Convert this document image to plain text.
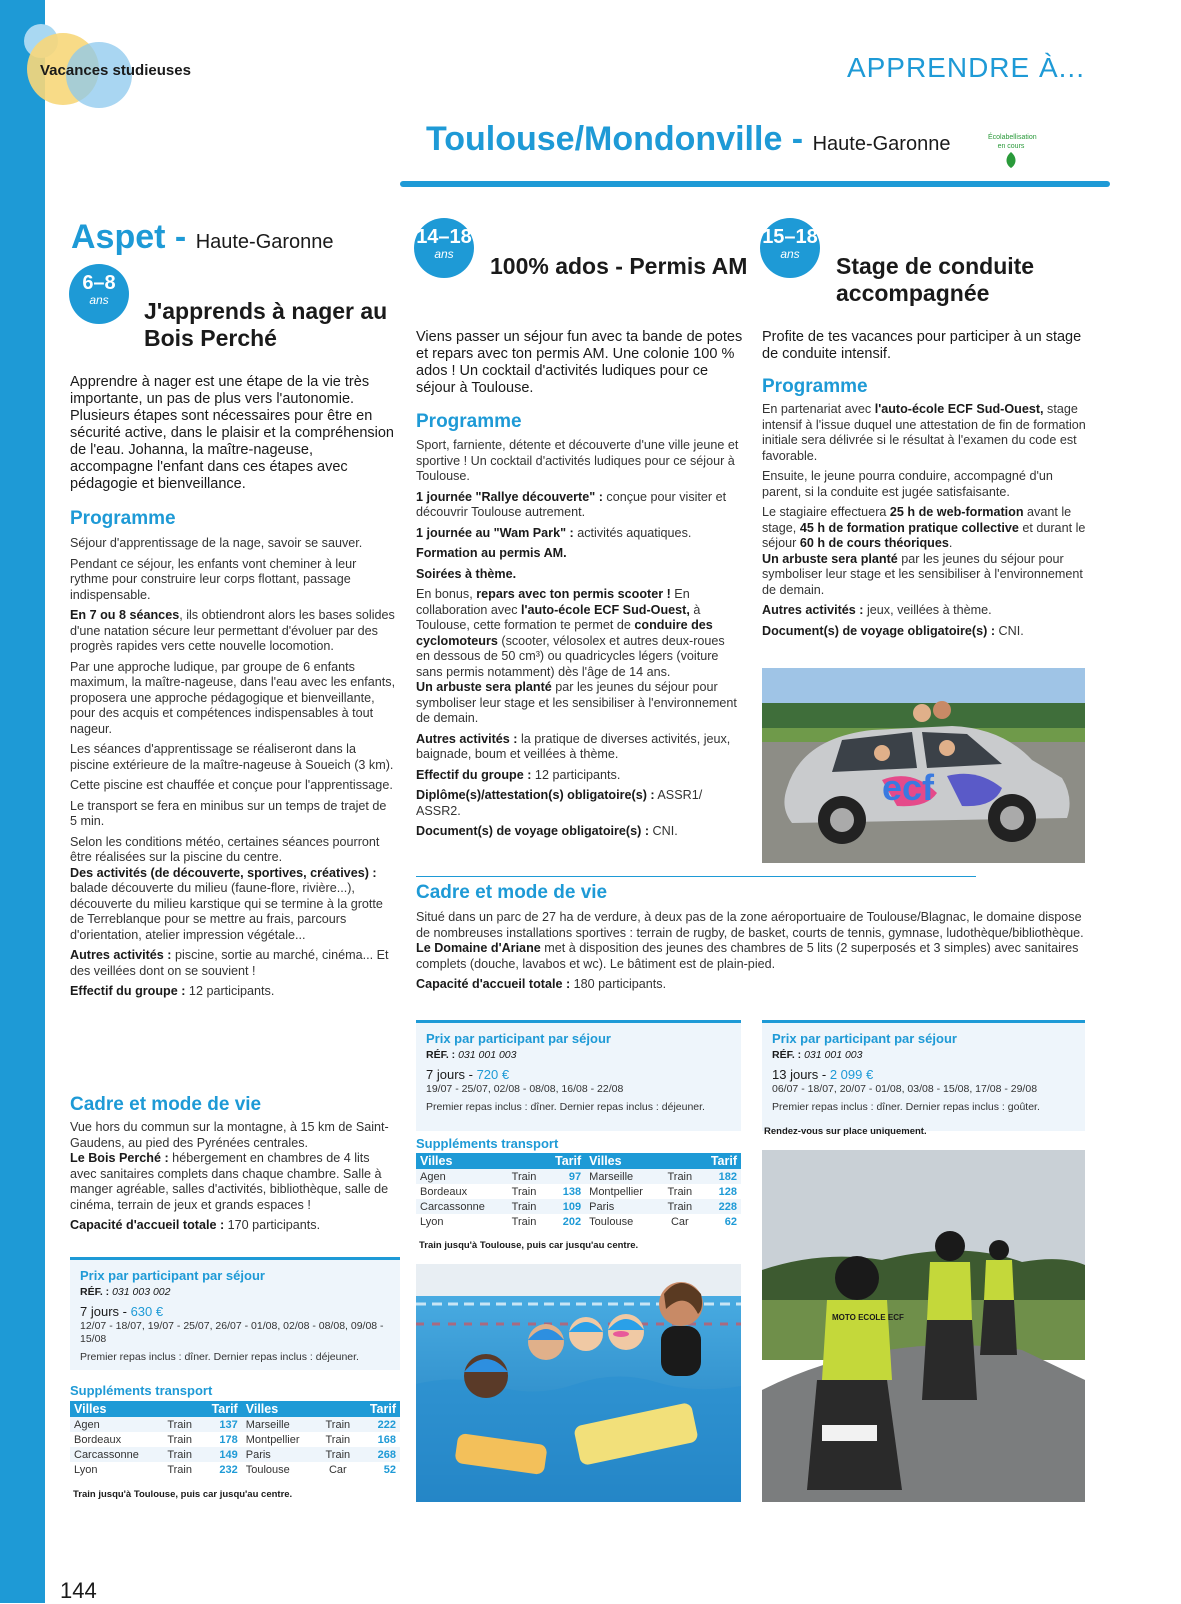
Vacances studieuses	APPRENDRE À...
Toulouse/Mondonville - Haute-Garonne	Écolabellisation
en cours
Aspet - Haute-Garonne
6–8
ans	J'apprends à nager au Bois Perché
Apprendre à nager est une étape de la vie très importante, un pas de plus vers l'autonomie. Plusieurs étapes sont nécessaires pour être en sécurité active, dans le plaisir et la compréhension de l'eau. Johanna, la maître-nageuse, accompagne l'enfant dans ces étapes avec pédagogie et bienveillance.
Programme

Séjour d'apprentissage de la nage, savoir se sauver.

Pendant ce séjour, les enfants vont cheminer à leur rythme pour construire leur corps flottant, passage indispensable.

En 7 ou 8 séances, ils obtiendront alors les bases solides d'une natation sécure leur permettant d'évoluer par des progrès rapides vers cette nouvelle locomotion.

Par une approche ludique, par groupe de 6 enfants maximum, la maître-nageuse, dans l'eau avec les enfants, proposera une approche pédagogique et bienveillante, pour des acquis et compétences indispensables à tout nageur.

Les séances d'apprentissage se réaliseront dans la piscine extérieure de la maître-nageuse à Soueich (3 km).

Cette piscine est chauffée et conçue pour l'apprentissage.

Le transport se fera en minibus sur un temps de trajet de 5 min.

Selon les conditions météo, certaines séances pourront être réalisées sur la piscine du centre.
Des activités (de découverte, sportives, créatives) : balade découverte du milieu (faune-flore, rivière...), découverte du milieu karstique qui se termine à la grotte de Terreblanque pour se mettre au frais, parcours d'orientation, atelier impression végétale...

Autres activités : piscine, sortie au marché, cinéma... Et des veillées dont on se souvient !

Effectif du groupe : 12 participants.

Cadre et mode de vie

Vue hors du commun sur la montagne, à 15 km de Saint-Gaudens, au pied des Pyrénées centrales.
Le Bois Perché : hébergement en chambres de 4 lits avec sanitaires complets dans chaque chambre. Salle à manger agréable, salles d'activités, bibliothèque, salle de cinéma, terrain de jeux et grands espaces !

Capacité d'accueil totale : 170 participants.

Prix par participant par séjour
RÉF. : 031 003 002
7 jours - 630 €
12/07 - 18/07, 19/07 - 25/07, 26/07 - 01/08, 02/08 - 08/08, 09/08 - 15/08
Premier repas inclus : dîner. Dernier repas inclus : déjeuner.
Suppléments transport
Villes		Tarif	Villes		Tarif
Agen	Train	137	Marseille	Train	222
Bordeaux	Train	178	Montpellier	Train	168
Carcassonne	Train	149	Paris	Train	268
Lyon	Train	232	Toulouse	Car	52
Train jusqu'à Toulouse, puis car jusqu'au centre.
14–18
ans	100% ados - Permis AM
Viens passer un séjour fun avec ta bande de potes et repars avec ton permis AM. Une colonie 100 % ados ! Un cocktail d'activités ludiques pour ce séjour à Toulouse.
Programme

Sport, farniente, détente et découverte d'une ville jeune et sportive ! Un cocktail d'activités ludiques pour ce séjour à Toulouse.

1 journée "Rallye découverte" : conçue pour visiter et découvrir Toulouse autrement.

1 journée au "Wam Park" : activités aquatiques.

Formation au permis AM.

Soirées à thème.

En bonus, repars avec ton permis scooter ! En collaboration avec l'auto-école ECF Sud-Ouest, à Toulouse, cette formation te permet de conduire des cyclomoteurs (scooter, vélosolex et autres deux-roues en dessous de 50 cm³) ou quadricycles légers (voiture sans permis notamment) dès l'âge de 14 ans.
Un arbuste sera planté par les jeunes du séjour pour symboliser leur stage et les sensibiliser à l'environnement de demain.

Autres activités : la pratique de diverses activités, jeux, baignade, boum et veillées à thème.

Effectif du groupe : 12 participants.

Diplôme(s)/attestation(s) obligatoire(s) : ASSR1/ ASSR2.

Document(s) de voyage obligatoire(s) : CNI.

Cadre et mode de vie

Situé dans un parc de 27 ha de verdure, à deux pas de la zone aéroportuaire de Toulouse/Blagnac, le domaine dispose de nombreuses installations sportives : terrain de rugby, de basket, courts de tennis, gymnase, ludothèque/bibliothèque.
Le Domaine d'Ariane met à disposition des jeunes des chambres de 5 lits (2 superposés et 3 simples) avec sanitaires complets (douche, lavabos et wc). Le bâtiment est de plain-pied.

Capacité d'accueil totale : 180 participants.

Prix par participant par séjour
RÉF. : 031 001 003
7 jours - 720 €
19/07 - 25/07, 02/08 - 08/08, 16/08 - 22/08
Premier repas inclus : dîner. Dernier repas inclus : déjeuner.
Suppléments transport
Villes		Tarif	Villes		Tarif
Agen	Train	97	Marseille	Train	182
Bordeaux	Train	138	Montpellier	Train	128
Carcassonne	Train	109	Paris	Train	228
Lyon	Train	202	Toulouse	Car	62
Train jusqu'à Toulouse, puis car jusqu'au centre.
15–18
ans	Stage de conduite accompagnée
Profite de tes vacances pour participer à un stage de conduite intensif.
Programme

En partenariat avec l'auto-école ECF Sud-Ouest, stage intensif à l'issue duquel une attestation de fin de formation initiale sera délivrée si le résultat à l'examen du code est favorable.

Ensuite, le jeune pourra conduire, accompagné d'un parent, si la conduite est jugée satisfaisante.

Le stagiaire effectuera 25 h de web-formation avant le stage, 45 h de formation pratique collective et durant le séjour 60 h de cours théoriques.
Un arbuste sera planté par les jeunes du séjour pour symboliser leur stage et les sensibiliser à l'environnement de demain.

Autres activités : jeux, veillées à thème.

Document(s) de voyage obligatoire(s) : CNI.

ecf
Prix par participant par séjour
RÉF. : 031 001 003
13 jours - 2 099 €
06/07 - 18/07, 20/07 - 01/08, 03/08 - 15/08, 17/08 - 29/08
Premier repas inclus : dîner. Dernier repas inclus : goûter.
Rendez-vous sur place uniquement.
MOTO ECOLE ECF
144
